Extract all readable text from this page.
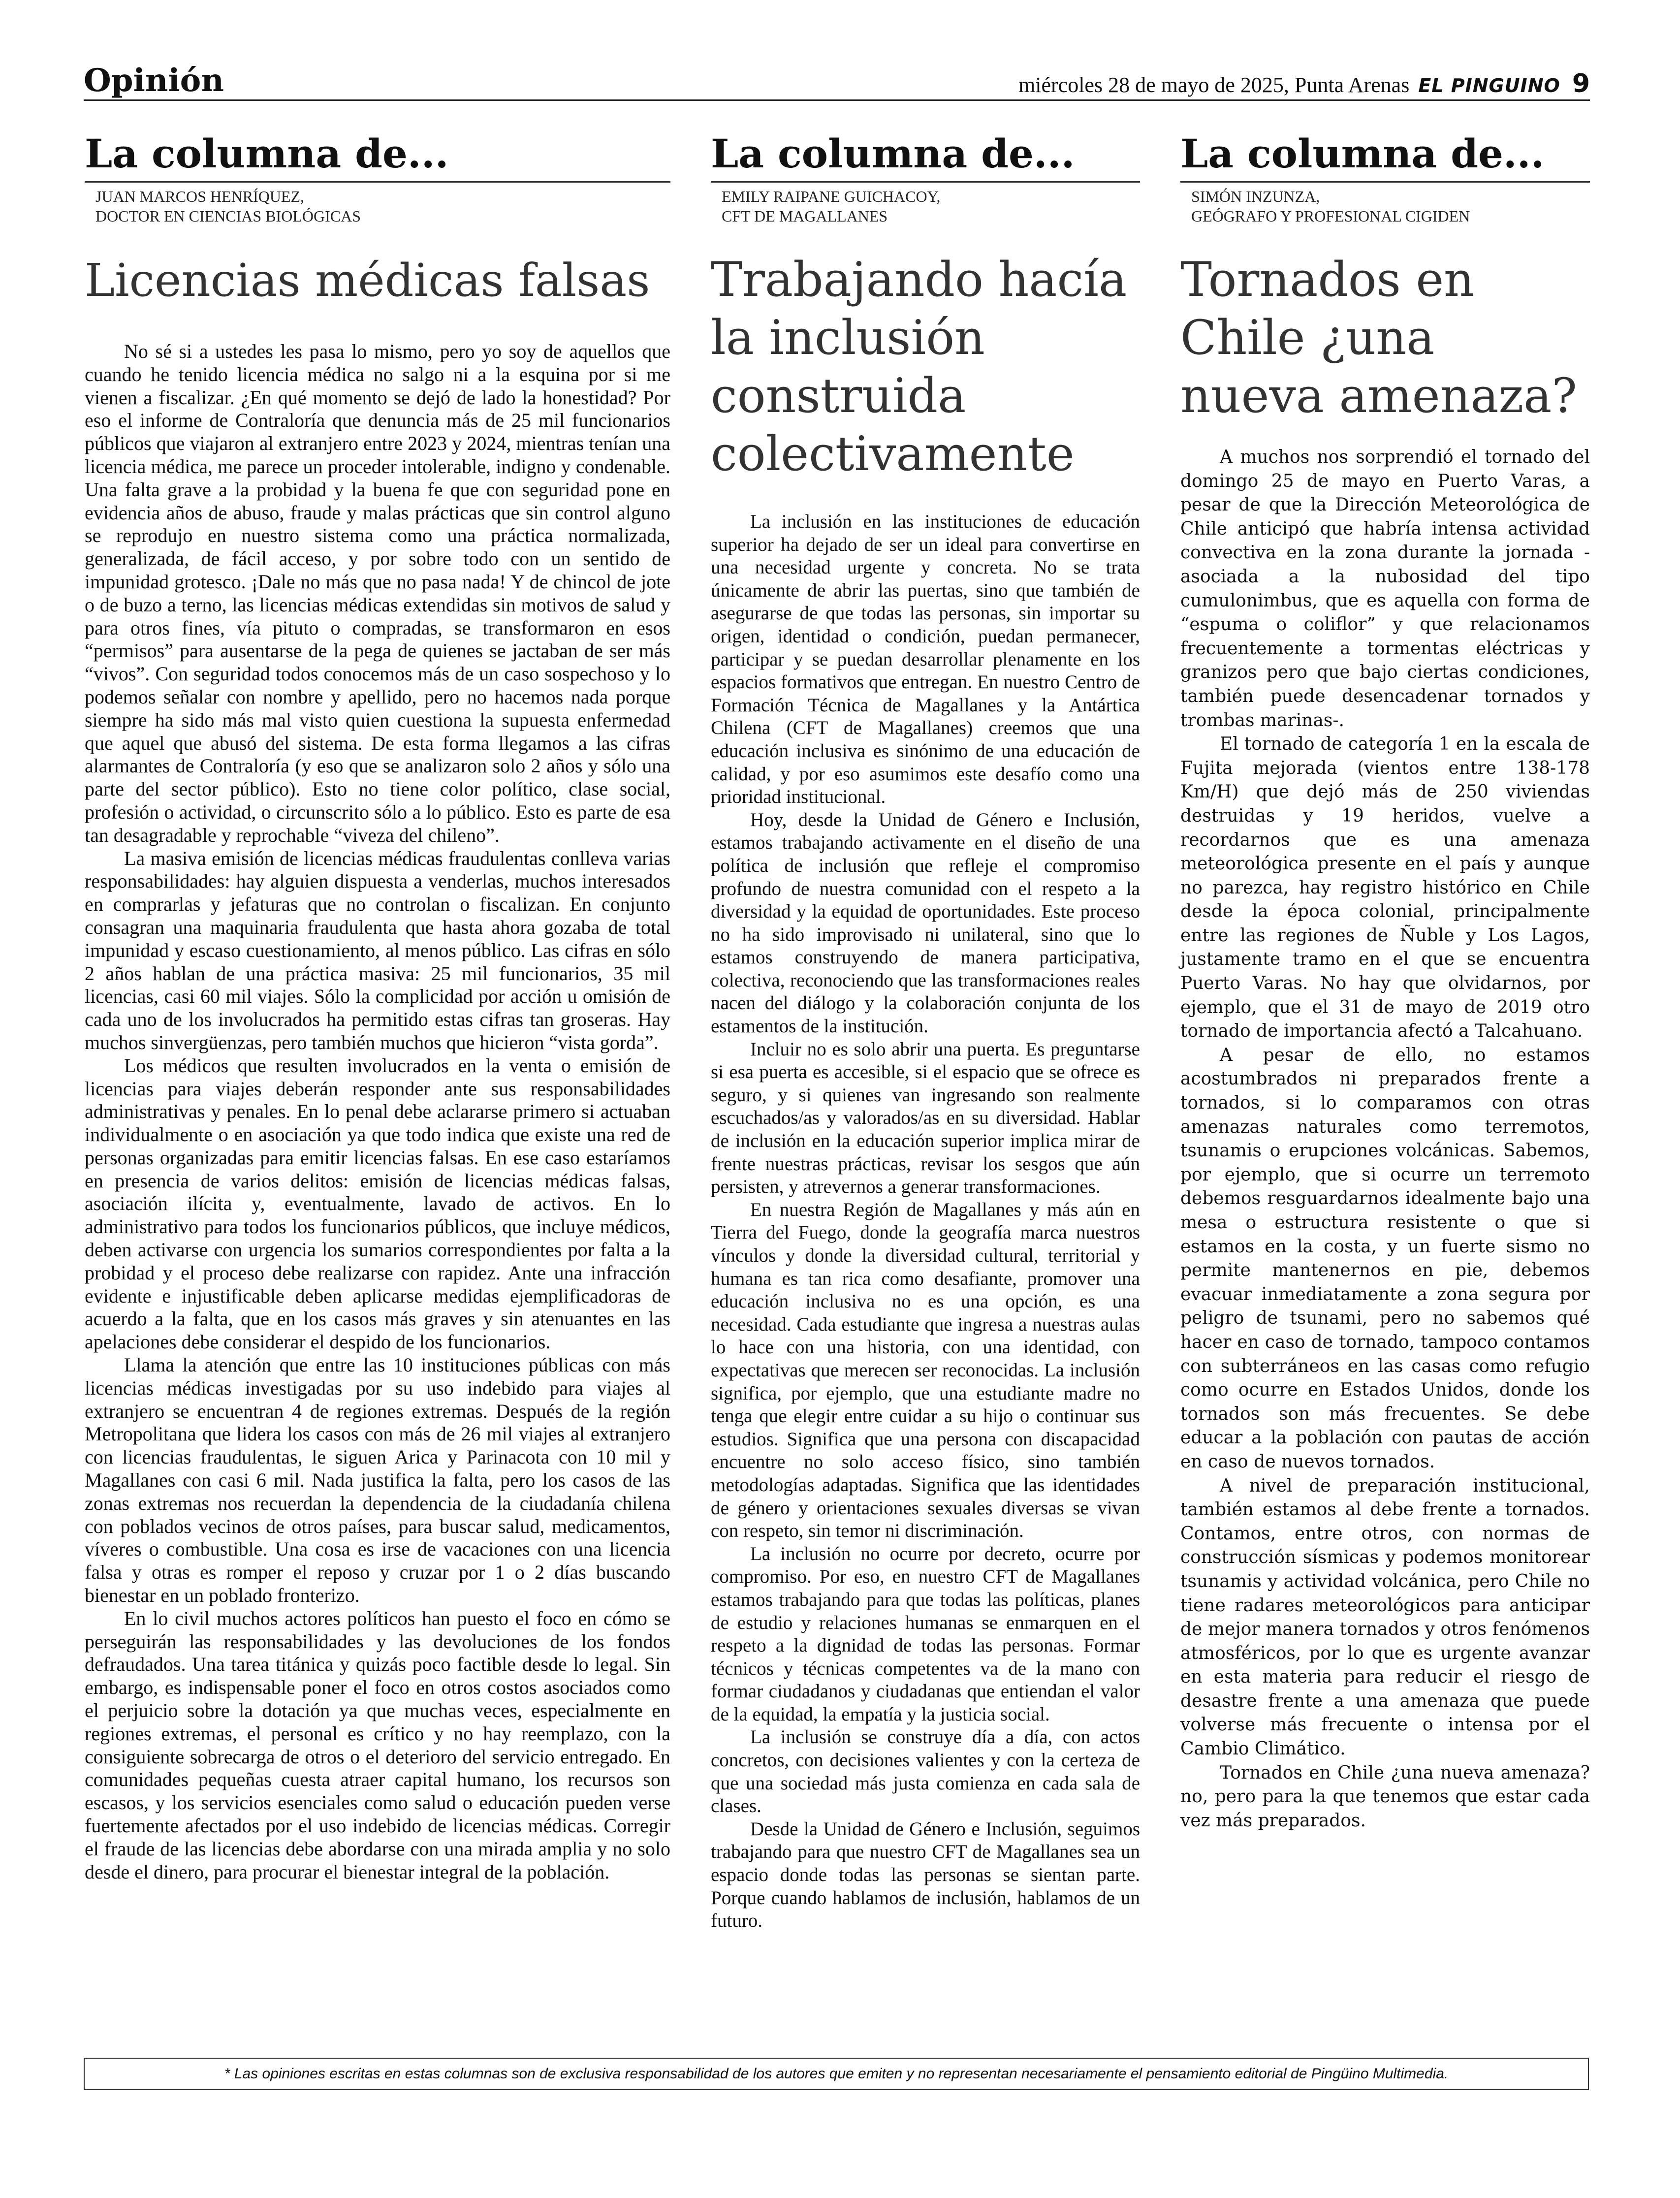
Opinión	miércoles 28 de mayo de 2025, Punta Arenas EL PINGUINO 9
La columna de...
JUAN MARCOS HENRÍQUEZ,
DOCTOR EN CIENCIAS BIOLÓGICAS
Licencias médicas falsas

No sé si a ustedes les pasa lo mismo, pero yo soy de aquellos que cuando he tenido licencia médica no salgo ni a la esquina por si me vienen a fiscalizar. ¿En qué momento se dejó de lado la honestidad? Por eso el informe de Contraloría que denuncia más de 25 mil funcionarios públicos que viajaron al extranjero entre 2023 y 2024, mientras tenían una licencia médica, me parece un proceder intolerable, indigno y condenable. Una falta grave a la probidad y la buena fe que con seguridad pone en evidencia años de abuso, fraude y malas prácticas que sin control alguno se reprodujo en nuestro sistema como una práctica normalizada, generalizada, de fácil acceso, y por sobre todo con un sentido de impunidad grotesco. ¡Dale no más que no pasa nada! Y de chincol de jote o de buzo a terno, las licencias médicas extendidas sin motivos de salud y para otros fines, vía pituto o compradas, se transformaron en esos “permisos” para ausentarse de la pega de quienes se jactaban de ser más “vivos”. Con seguridad todos conocemos más de un caso sospechoso y lo podemos señalar con nombre y apellido, pero no hacemos nada porque siempre ha sido más mal visto quien cuestiona la supuesta enfermedad que aquel que abusó del sistema. De esta forma llegamos a las cifras alarmantes de Contraloría (y eso que se analizaron solo 2 años y sólo una parte del sector público). Esto no tiene color político, clase social, profesión o actividad, o circunscrito sólo a lo público. Esto es parte de esa tan desagradable y reprochable “viveza del chileno”.

La masiva emisión de licencias médicas fraudulentas conlleva varias responsabilidades: hay alguien dispuesta a venderlas, muchos interesados en comprarlas y jefaturas que no controlan o fiscalizan. En conjunto consagran una maquinaria fraudulenta que hasta ahora gozaba de total impunidad y escaso cuestionamiento, al menos público. Las cifras en sólo 2 años hablan de una práctica masiva: 25 mil funcionarios, 35 mil licencias, casi 60 mil viajes. Sólo la complicidad por acción u omisión de cada uno de los involucrados ha permitido estas cifras tan groseras. Hay muchos sinvergüenzas, pero también muchos que hicieron “vista gorda”.

Los médicos que resulten involucrados en la venta o emisión de licencias para viajes deberán responder ante sus responsabilidades administrativas y penales. En lo penal debe aclararse primero si actuaban individualmente o en asociación ya que todo indica que existe una red de personas organizadas para emitir licencias falsas. En ese caso estaríamos en presencia de varios delitos: emisión de licencias médicas falsas, asociación ilícita y, eventualmente, lavado de activos. En lo administrativo para todos los funcionarios públicos, que incluye médicos, deben activarse con urgencia los sumarios correspondientes por falta a la probidad y el proceso debe realizarse con rapidez. Ante una infracción evidente e injustificable deben aplicarse medidas ejemplificadoras de acuerdo a la falta, que en los casos más graves y sin atenuantes en las apelaciones debe considerar el despido de los funcionarios.

Llama la atención que entre las 10 instituciones públicas con más licencias médicas investigadas por su uso indebido para viajes al extranjero se encuentran 4 de regiones extremas. Después de la región Metropolitana que lidera los casos con más de 26 mil viajes al extranjero con licencias fraudulentas, le siguen Arica y Parinacota con 10 mil y Magallanes con casi 6 mil. Nada justifica la falta, pero los casos de las zonas extremas nos recuerdan la dependencia de la ciudadanía chilena con poblados vecinos de otros países, para buscar salud, medicamentos, víveres o combustible. Una cosa es irse de vacaciones con una licencia falsa y otras es romper el reposo y cruzar por 1 o 2 días buscando bienestar en un poblado fronterizo.

En lo civil muchos actores políticos han puesto el foco en cómo se perseguirán las responsabilidades y las devoluciones de los fondos defraudados. Una tarea titánica y quizás poco factible desde lo legal. Sin embargo, es indispensable poner el foco en otros costos asociados como el perjuicio sobre la dotación ya que muchas veces, especialmente en regiones extremas, el personal es crítico y no hay reemplazo, con la consiguiente sobrecarga de otros o el deterioro del servicio entregado. En comunidades pequeñas cuesta atraer capital humano, los recursos son escasos, y los servicios esenciales como salud o educación pueden verse fuertemente afectados por el uso indebido de licencias médicas. Corregir el fraude de las licencias debe abordarse con una mirada amplia y no solo desde el dinero, para procurar el bienestar integral de la población.

La columna de...
EMILY RAIPANE GUICHACOY,
CFT DE MAGALLANES
Trabajando hacía la inclusión construida colectivamente

La inclusión en las instituciones de educación superior ha dejado de ser un ideal para convertirse en una necesidad urgente y concreta. No se trata únicamente de abrir las puertas, sino que también de asegurarse de que todas las personas, sin importar su origen, identidad o condición, puedan permanecer, participar y se puedan desarrollar plenamente en los espacios formativos que entregan. En nuestro Centro de Formación Técnica de Magallanes y la Antártica Chilena (CFT de Magallanes) creemos que una educación inclusiva es sinónimo de una educación de calidad, y por eso asumimos este desafío como una prioridad institucional.

Hoy, desde la Unidad de Género e Inclusión, estamos trabajando activamente en el diseño de una política de inclusión que refleje el compromiso profundo de nuestra comunidad con el respeto a la diversidad y la equidad de oportunidades. Este proceso no ha sido improvisado ni unilateral, sino que lo estamos construyendo de manera participativa, colectiva, reconociendo que las transformaciones reales nacen del diálogo y la colaboración conjunta de los estamentos de la institución.

Incluir no es solo abrir una puerta. Es preguntarse si esa puerta es accesible, si el espacio que se ofrece es seguro, y si quienes van ingresando son realmente escuchados/as y valorados/as en su diversidad. Hablar de inclusión en la educación superior implica mirar de frente nuestras prácticas, revisar los sesgos que aún persisten, y atrevernos a generar transformaciones.

En nuestra Región de Magallanes y más aún en Tierra del Fuego, donde la geografía marca nuestros vínculos y donde la diversidad cultural, territorial y humana es tan rica como desafiante, promover una educación inclusiva no es una opción, es una necesidad. Cada estudiante que ingresa a nuestras aulas lo hace con una historia, con una identidad, con expectativas que merecen ser reconocidas. La inclusión significa, por ejemplo, que una estudiante madre no tenga que elegir entre cuidar a su hijo o continuar sus estudios. Significa que una persona con discapacidad encuentre no solo acceso físico, sino también metodologías adaptadas. Significa que las identidades de género y orientaciones sexuales diversas se vivan con respeto, sin temor ni discriminación.

La inclusión no ocurre por decreto, ocurre por compromiso. Por eso, en nuestro CFT de Magallanes estamos trabajando para que todas las políticas, planes de estudio y relaciones humanas se enmarquen en el respeto a la dignidad de todas las personas. Formar técnicos y técnicas competentes va de la mano con formar ciudadanos y ciudadanas que entiendan el valor de la equidad, la empatía y la justicia social.

La inclusión se construye día a día, con actos concretos, con decisiones valientes y con la certeza de que una sociedad más justa comienza en cada sala de clases.

Desde la Unidad de Género e Inclusión, seguimos trabajando para que nuestro CFT de Magallanes sea un espacio donde todas las personas se sientan parte. Porque cuando hablamos de inclusión, hablamos de un futuro.

La columna de...
SIMÓN INZUNZA,
GEÓGRAFO Y PROFESIONAL CIGIDEN
Tornados en Chile ¿una nueva amenaza?

A muchos nos sorprendió el tornado del domingo 25 de mayo en Puerto Varas, a pesar de que la Dirección Meteorológica de Chile anticipó que habría intensa actividad convectiva en la zona durante la jornada -asociada a la nubosidad del tipo cumulonimbus, que es aquella con forma de “espuma o coliflor” y que relacionamos frecuentemente a tormentas eléctricas y granizos pero que bajo ciertas condiciones, también puede desencadenar tornados y trombas marinas-.

El tornado de categoría 1 en la escala de Fujita mejorada (vientos entre 138-178 Km/H) que dejó más de 250 viviendas destruidas y 19 heridos, vuelve a recordarnos que es una amenaza meteorológica presente en el país y aunque no parezca, hay registro histórico en Chile desde la época colonial, principalmente entre las regiones de Ñuble y Los Lagos, justamente tramo en el que se encuentra Puerto Varas. No hay que olvidarnos, por ejemplo, que el 31 de mayo de 2019 otro tornado de importancia afectó a Talcahuano.

A pesar de ello, no estamos acostumbrados ni preparados frente a tornados, si lo comparamos con otras amenazas naturales como terremotos, tsunamis o erupciones volcánicas. Sabemos, por ejemplo, que si ocurre un terremoto debemos resguardarnos idealmente bajo una mesa o estructura resistente o que si estamos en la costa, y un fuerte sismo no permite mantenernos en pie, debemos evacuar inmediatamente a zona segura por peligro de tsunami, pero no sabemos qué hacer en caso de tornado, tampoco contamos con subterráneos en las casas como refugio como ocurre en Estados Unidos, donde los tornados son más frecuentes. Se debe educar a la población con pautas de acción en caso de nuevos tornados.

A nivel de preparación institucional, también estamos al debe frente a tornados. Contamos, entre otros, con normas de construcción sísmicas y podemos monitorear tsunamis y actividad volcánica, pero Chile no tiene radares meteorológicos para anticipar de mejor manera tornados y otros fenómenos atmosféricos, por lo que es urgente avanzar en esta materia para reducir el riesgo de desastre frente a una amenaza que puede volverse más frecuente o intensa por el Cambio Climático.

Tornados en Chile ¿una nueva amenaza? no, pero para la que tenemos que estar cada vez más preparados.

* Las opiniones escritas en estas columnas son de exclusiva responsabilidad de los autores que emiten y no representan necesariamente el pensamiento editorial de Pingüino Multimedia.
